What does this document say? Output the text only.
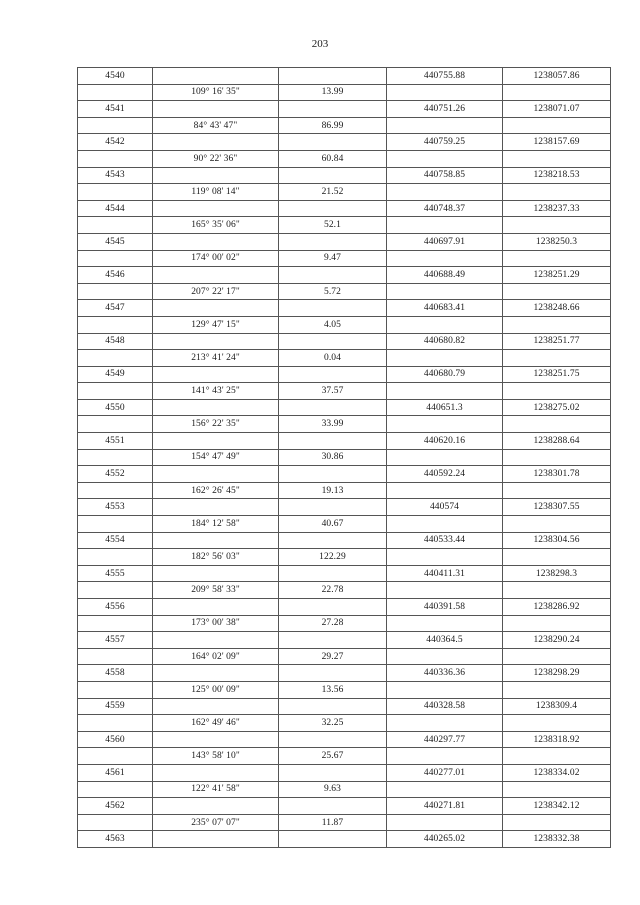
203
4540			440755.88	1238057.86
	109° 16' 35"	13.99		
4541			440751.26	1238071.07
	84° 43' 47"	86.99		
4542			440759.25	1238157.69
	90° 22' 36"	60.84		
4543			440758.85	1238218.53
	119° 08' 14"	21.52		
4544			440748.37	1238237.33
	165° 35' 06"	52.1		
4545			440697.91	1238250.3
	174° 00' 02"	9.47		
4546			440688.49	1238251.29
	207° 22' 17"	5.72		
4547			440683.41	1238248.66
	129° 47' 15"	4.05		
4548			440680.82	1238251.77
	213° 41' 24"	0.04		
4549			440680.79	1238251.75
	141° 43' 25"	37.57		
4550			440651.3	1238275.02
	156° 22' 35"	33.99		
4551			440620.16	1238288.64
	154° 47' 49"	30.86		
4552			440592.24	1238301.78
	162° 26' 45"	19.13		
4553			440574	1238307.55
	184° 12' 58"	40.67		
4554			440533.44	1238304.56
	182° 56' 03"	122.29		
4555			440411.31	1238298.3
	209° 58' 33"	22.78		
4556			440391.58	1238286.92
	173° 00' 38"	27.28		
4557			440364.5	1238290.24
	164° 02' 09"	29.27		
4558			440336.36	1238298.29
	125° 00' 09"	13.56		
4559			440328.58	1238309.4
	162° 49' 46"	32.25		
4560			440297.77	1238318.92
	143° 58' 10"	25.67		
4561			440277.01	1238334.02
	122° 41' 58"	9.63		
4562			440271.81	1238342.12
	235° 07' 07"	11.87		
4563			440265.02	1238332.38
